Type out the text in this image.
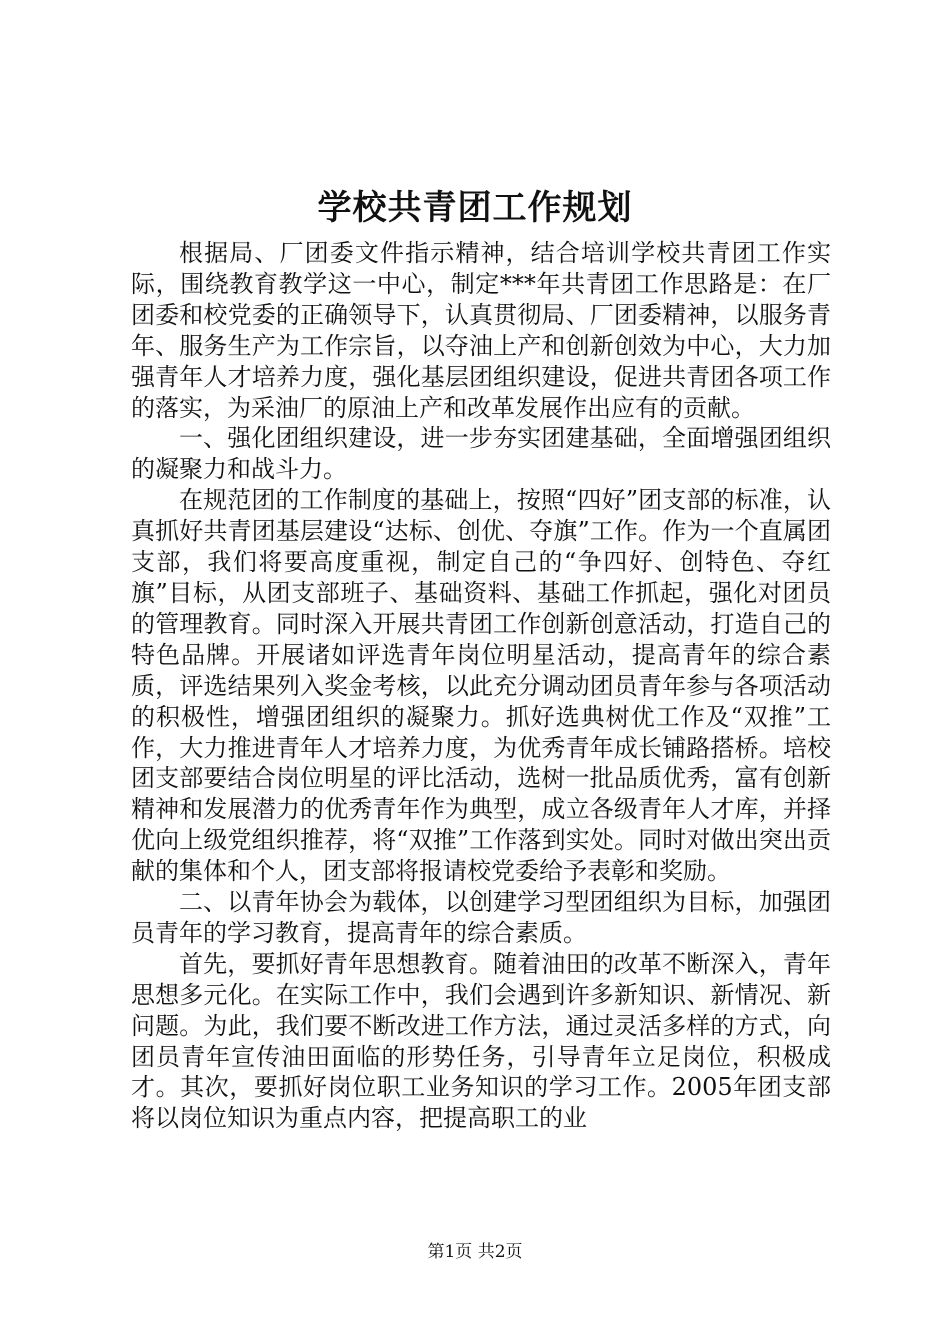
学校共青团工作规划

根据局、厂团委文件指示精神，结合培训学校共青团工作实际，围绕教育教学这一中心，制定***年共青团工作思路是：在厂团委和校党委的正确领导下，认真贯彻局、厂团委精神，以服务青年、服务生产为工作宗旨，以夺油上产和创新创效为中心，大力加强青年人才培养力度，强化基层团组织建设，促进共青团各项工作的落实，为采油厂的原油上产和改革发展作出应有的贡献。

一、强化团组织建设，进一步夯实团建基础，全面增强团组织的凝聚力和战斗力。

在规范团的工作制度的基础上，按照“四好”团支部的标准，认真抓好共青团基层建设“达标、创优、夺旗”工作。作为一个直属团支部，我们将要高度重视，制定自己的“争四好、创特色、夺红旗”目标，从团支部班子、基础资料、基础工作抓起，强化对团员的管理教育。同时深入开展共青团工作创新创意活动，打造自己的特色品牌。开展诸如评选青年岗位明星活动，提高青年的综合素质，评选结果列入奖金考核，以此充分调动团员青年参与各项活动的积极性，增强团组织的凝聚力。抓好选典树优工作及“双推”工作，大力推进青年人才培养力度，为优秀青年成长铺路搭桥。培校团支部要结合岗位明星的评比活动，选树一批品质优秀，富有创新精神和发展潜力的优秀青年作为典型，成立各级青年人才库，并择优向上级党组织推荐，将“双推”工作落到实处。同时对做出突出贡献的集体和个人，团支部将报请校党委给予表彰和奖励。

二、以青年协会为载体，以创建学习型团组织为目标，加强团员青年的学习教育，提高青年的综合素质。

首先，要抓好青年思想教育。随着油田的改革不断深入，青年思想多元化。在实际工作中，我们会遇到许多新知识、新情况、新问题。为此，我们要不断改进工作方法，通过灵活多样的方式，向团员青年宣传油田面临的形势任务，引导青年立足岗位，积极成才。其次，要抓好岗位职工业务知识的学习工作。2005年团支部将以岗位知识为重点内容，把提高职工的业

第1页 共2页
